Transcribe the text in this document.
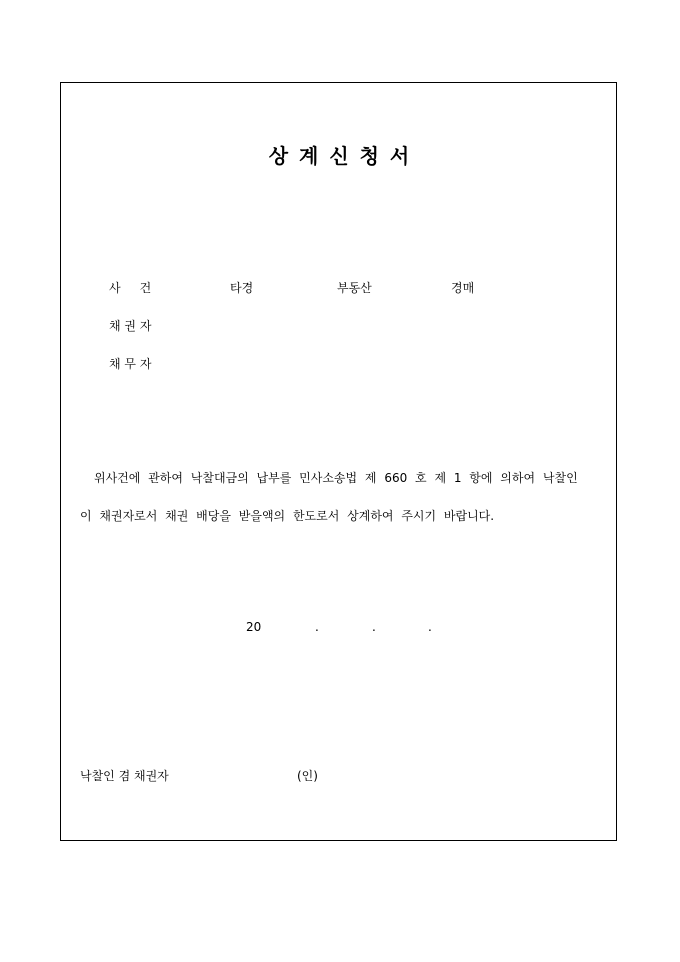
상 계 신 청 서
사     건	타경	부동산	경매
채 권 자
채 무 자
위사건에 관하여 낙찰대금의 납부를 민사소송법 제 660 호 제 1 항에 의하여 낙찰인
이 채권자로서 채권 배당을 받을액의 한도로서 상계하여 주시기 바랍니다.
20	.	.	.
낙찰인 겸 채권자	(인)
